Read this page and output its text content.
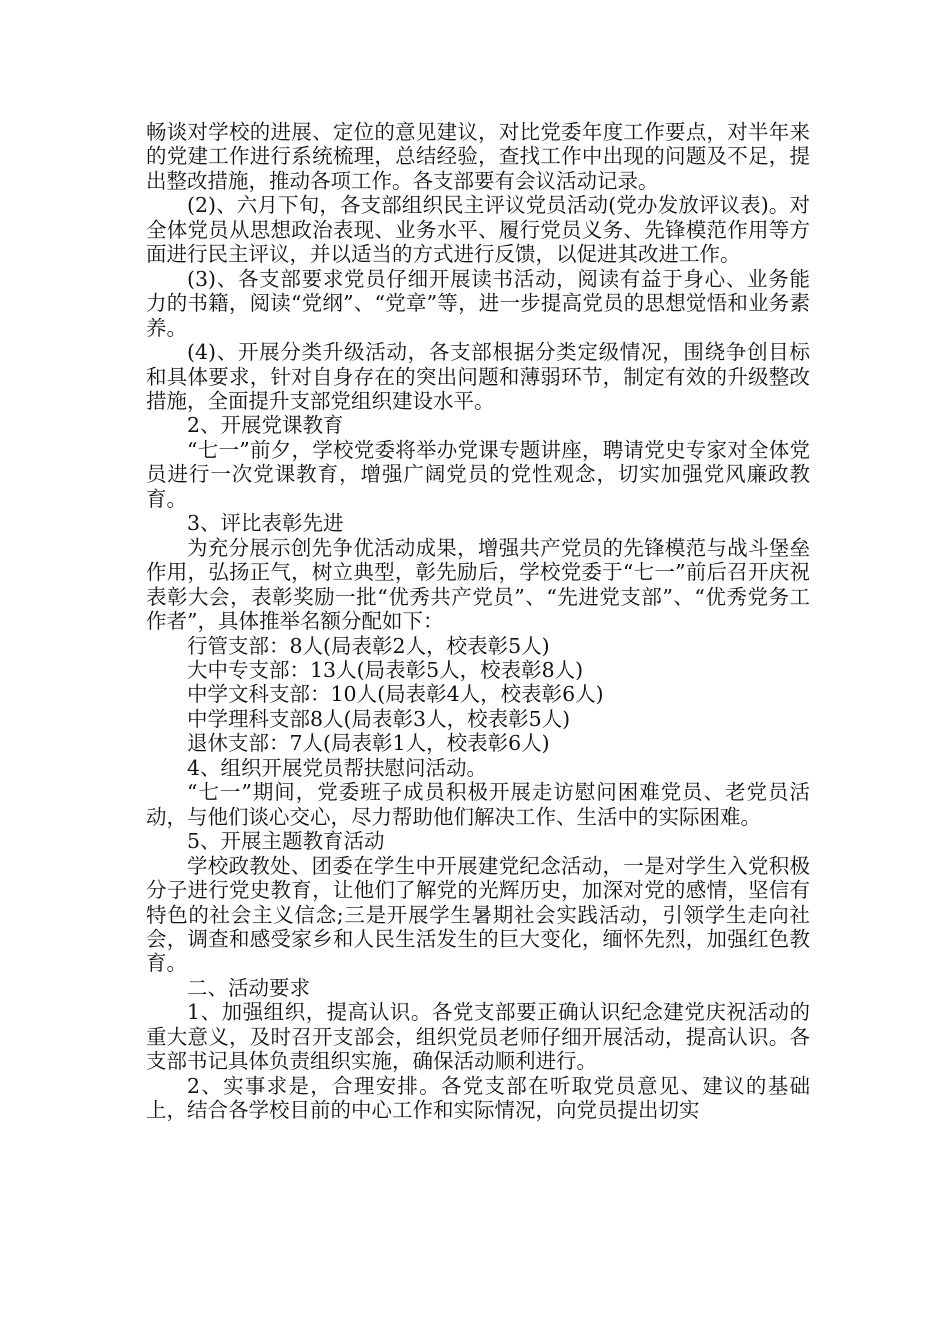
畅谈对学校的进展、定位的意见建议，对比党委年度工作要点，对半年来的党建工作进行系统梳理，总结经验，查找工作中出现的问题及不足，提出整改措施，推动各项工作。各支部要有会议活动记录。

(2)、六月下旬，各支部组织民主评议党员活动(党办发放评议表)。对全体党员从思想政治表现、业务水平、履行党员义务、先锋模范作用等方面进行民主评议，并以适当的方式进行反馈，以促进其改进工作。

(3)、各支部要求党员仔细开展读书活动，阅读有益于身心、业务能力的书籍，阅读“党纲”、“党章”等，进一步提高党员的思想觉悟和业务素养。

(4)、开展分类升级活动，各支部根据分类定级情况，围绕争创目标和具体要求，针对自身存在的突出问题和薄弱环节，制定有效的升级整改措施，全面提升支部党组织建设水平。

2、开展党课教育

“七一”前夕，学校党委将举办党课专题讲座，聘请党史专家对全体党员进行一次党课教育，增强广阔党员的党性观念，切实加强党风廉政教育。

3、评比表彰先进

为充分展示创先争优活动成果，增强共产党员的先锋模范与战斗堡垒作用，弘扬正气，树立典型，彰先励后，学校党委于“七一”前后召开庆祝表彰大会，表彰奖励一批“优秀共产党员”、“先进党支部”、“优秀党务工作者”，具体推举名额分配如下：

行管支部：8人(局表彰2人，校表彰5人)

大中专支部：13人(局表彰5人，校表彰8人)

中学文科支部：10人(局表彰4人，校表彰6人)

中学理科支部8人(局表彰3人，校表彰5人)

退休支部：7人(局表彰1人，校表彰6人)

4、组织开展党员帮扶慰问活动。

“七一”期间，党委班子成员积极开展走访慰问困难党员、老党员活动，与他们谈心交心，尽力帮助他们解决工作、生活中的实际困难。

5、开展主题教育活动

学校政教处、团委在学生中开展建党纪念活动，一是对学生入党积极分子进行党史教育，让他们了解党的光辉历史，加深对党的感情，坚信有特色的社会主义信念;三是开展学生暑期社会实践活动，引领学生走向社会，调查和感受家乡和人民生活发生的巨大变化，缅怀先烈，加强红色教育。

二、活动要求

1、加强组织，提高认识。各党支部要正确认识纪念建党庆祝活动的重大意义，及时召开支部会，组织党员老师仔细开展活动，提高认识。各支部书记具体负责组织实施，确保活动顺利进行。

2、实事求是，合理安排。各党支部在听取党员意见、建议的基础上，结合各学校目前的中心工作和实际情况，向党员提出切实
